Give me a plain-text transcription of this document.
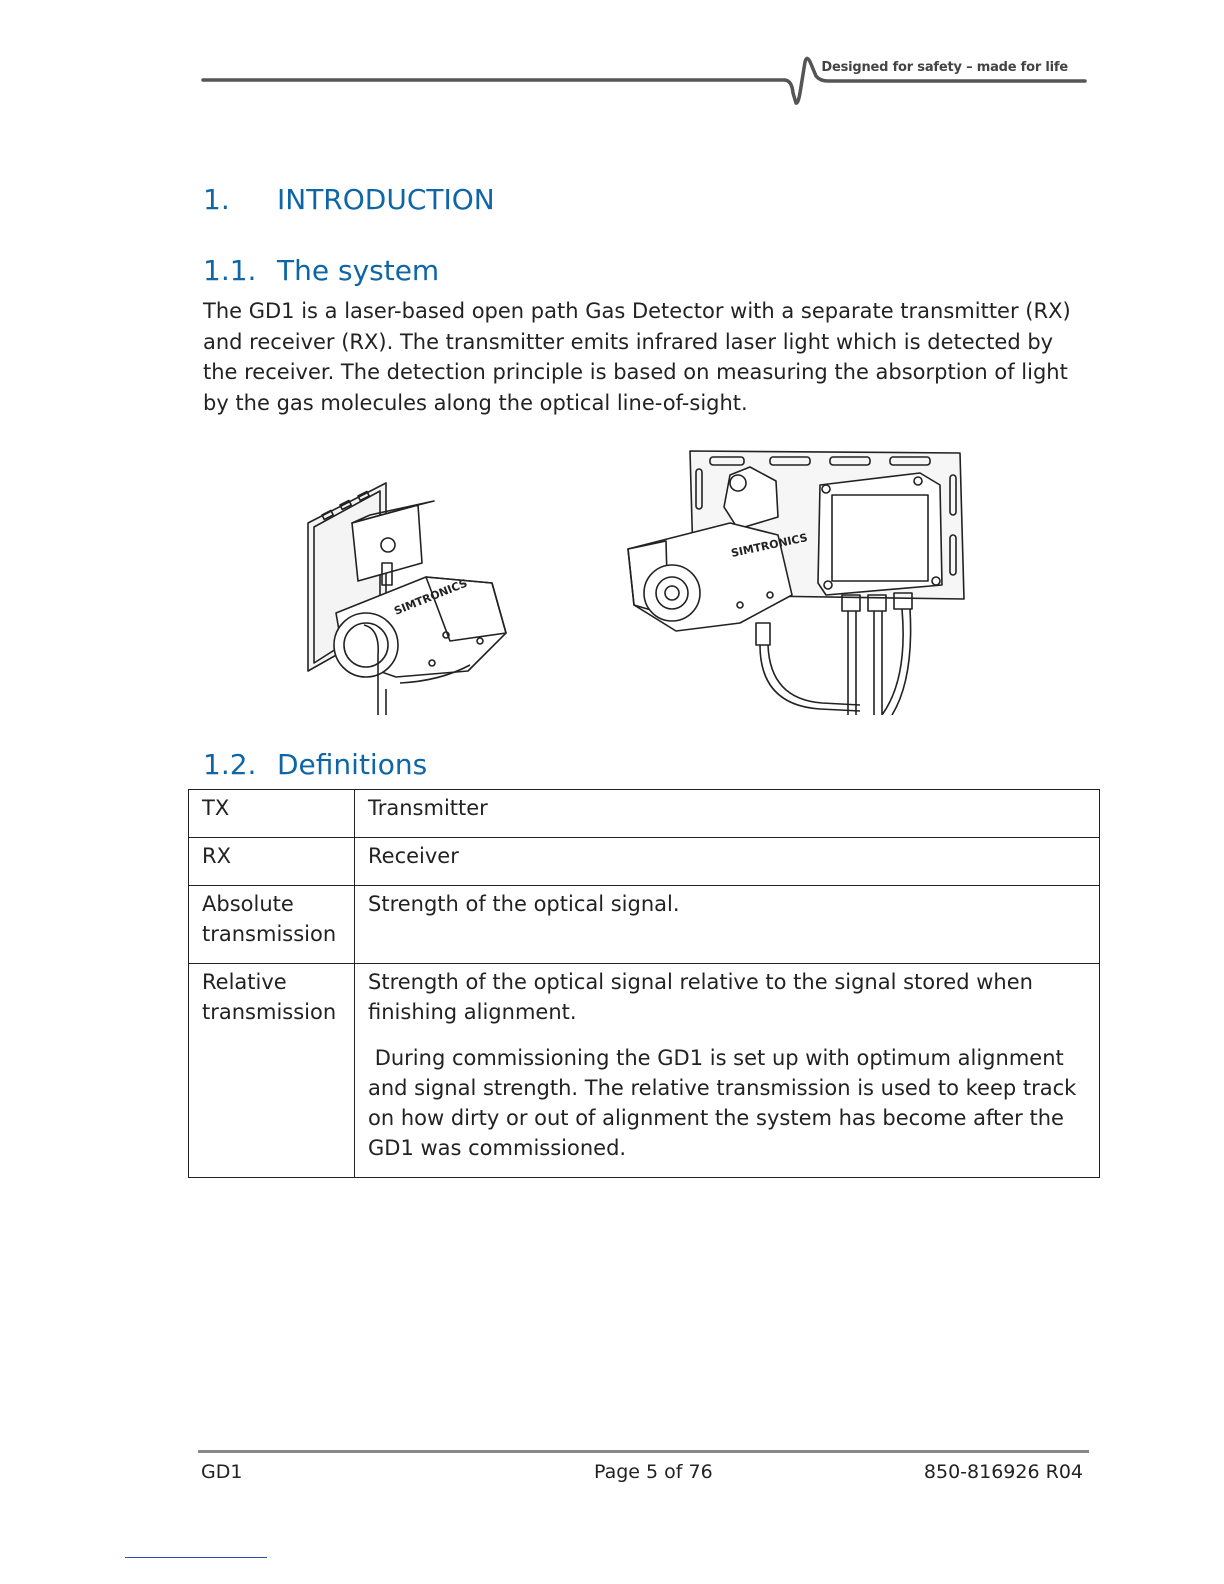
Designed for safety – made for life
1. INTRODUCTION
1.1. The system

The GD1 is a laser-based open path Gas Detector with a separate transmitter (RX) and receiver (RX). The transmitter emits infrared laser light which is detected by the receiver. The detection principle is based on measuring the absorption of light by the gas molecules along the optical line-of-sight.

SIMTRONICS
SIMTRONICS
1.2. Definitions
TX	Transmitter
RX	Receiver
Absolute transmission	Strength of the optical signal.
Relative transmission	Strength of the optical signal relative to the signal stored when finishing alignment.

During commissioning the GD1 is set up with optimum alignment and signal strength. The relative transmission is used to keep track on how dirty or out of alignment the system has become after the GD1 was commissioned.

GD1	Page 5 of 76	850-816926 R04
